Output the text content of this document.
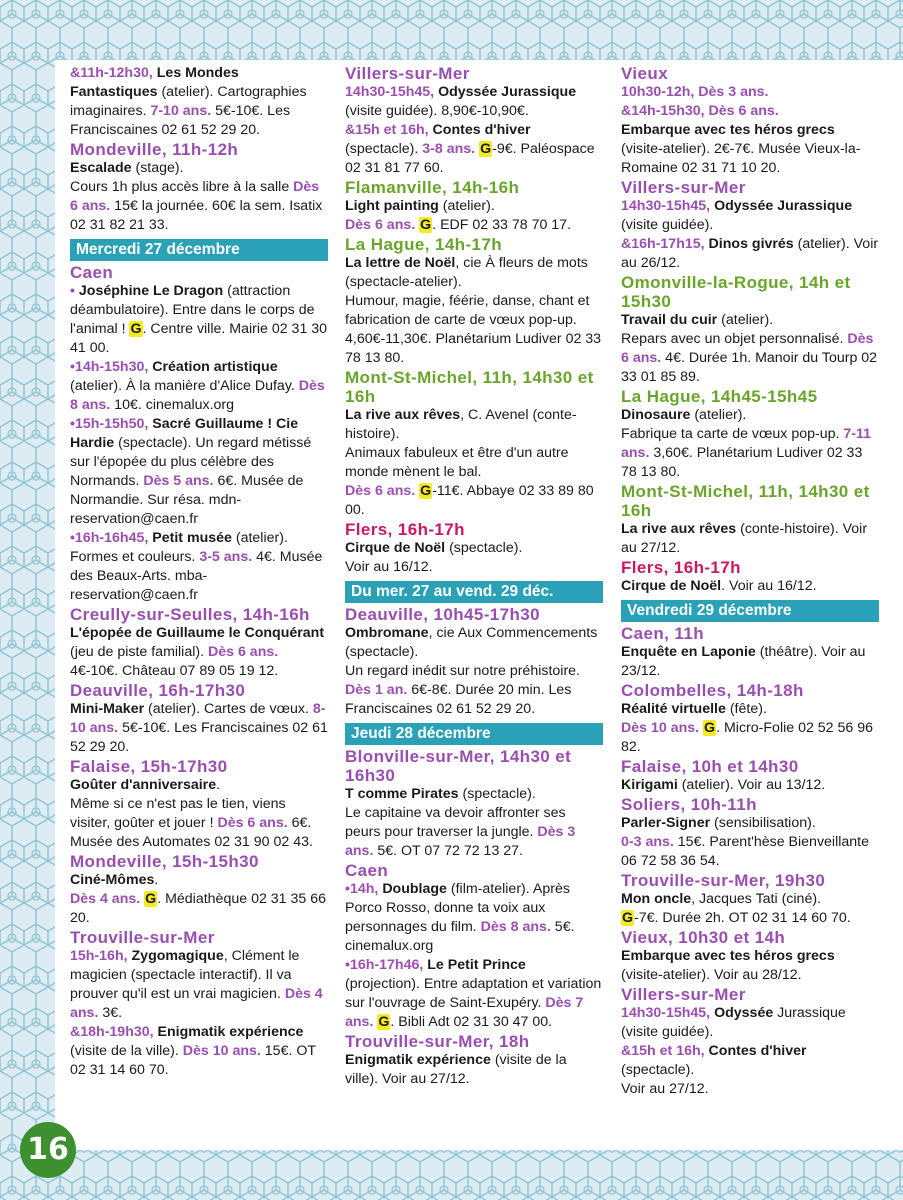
&11h-12h30, Les Mondes Fantastiques (atelier). Cartographies imaginaires. 7-10 ans. 5€-10€. Les Franciscaines 02 61 52 29 20.

Mondeville, 11h-12h

Escalade (stage).
Cours 1h plus accès libre à la salle Dès 6 ans. 15€ la journée. 60€ la sem. Isatix 02 31 82 21 33.

Mercredi 27 décembre

Caen

• Joséphine Le Dragon (attraction déambulatoire). Entre dans le corps de l'animal ! G. Centre ville. Mairie 02 31 30 41 00.

•14h-15h30, Création artistique (atelier). À la manière d'Alice Dufay. Dès 8 ans. 10€. cinemalux.org

•15h-15h50, Sacré Guillaume ! Cie Hardie (spectacle). Un regard métissé sur l'épopée du plus célèbre des Normands. Dès 5 ans. 6€. Musée de Normandie. Sur résa. mdn-reservation@caen.fr

•16h-16h45, Petit musée (atelier). Formes et couleurs. 3-5 ans. 4€. Musée des Beaux-Arts. mba-reservation@caen.fr

Creully-sur-Seulles, 14h-16h

L'épopée de Guillaume le Conquérant (jeu de piste familial). Dès 6 ans. 4€-10€. Château 07 89 05 19 12.

Deauville, 16h-17h30

Mini-Maker (atelier). Cartes de vœux. 8-10 ans. 5€-10€. Les Franciscaines 02 61 52 29 20.

Falaise, 15h-17h30

Goûter d'anniversaire.
Même si ce n'est pas le tien, viens visiter, goûter et jouer ! Dès 6 ans. 6€. Musée des Automates 02 31 90 02 43.

Mondeville, 15h-15h30

Ciné-Mômes.
Dès 4 ans. G. Médiathèque 02 31 35 66 20.

Trouville-sur-Mer

15h-16h, Zygomagique, Clément le magicien (spectacle interactif). Il va prouver qu'il est un vrai magicien. Dès 4 ans. 3€.

&18h-19h30, Enigmatik expérience (visite de la ville). Dès 10 ans. 15€. OT 02 31 14 60 70.

Villers-sur-Mer

14h30-15h45, Odyssée Jurassique (visite guidée). 8,90€-10,90€.

&15h et 16h, Contes d'hiver (spectacle). 3-8 ans. G-9€. Paléospace 02 31 81 77 60.

Flamanville, 14h-16h

Light painting (atelier).
Dès 6 ans. G. EDF 02 33 78 70 17.

La Hague, 14h-17h

La lettre de Noël, cie À fleurs de mots (spectacle-atelier).
Humour, magie, féérie, danse, chant et fabrication de carte de vœux pop-up. 4,60€-11,30€. Planétarium Ludiver 02 33 78 13 80.

Mont-St-Michel, 11h, 14h30 et 16h

La rive aux rêves, C. Avenel (conte-histoire).
Animaux fabuleux et être d'un autre monde mènent le bal.
Dès 6 ans. G-11€. Abbaye 02 33 89 80 00.

Flers, 16h-17h

Cirque de Noël (spectacle).
Voir au 16/12.

Du mer. 27 au vend. 29 déc.

Deauville, 10h45-17h30

Ombromane, cie Aux Commencements (spectacle).
Un regard inédit sur notre préhistoire. Dès 1 an. 6€-8€. Durée 20 min. Les Franciscaines 02 61 52 29 20.

Jeudi 28 décembre

Blonville-sur-Mer, 14h30 et 16h30

T comme Pirates (spectacle).
Le capitaine va devoir affronter ses peurs pour traverser la jungle. Dès 3 ans. 5€. OT 07 72 72 13 27.

Caen

•14h, Doublage (film-atelier). Après Porco Rosso, donne ta voix aux personnages du film. Dès 8 ans. 5€. cinemalux.org

•16h-17h46, Le Petit Prince (projection). Entre adaptation et variation sur l'ouvrage de Saint-Exupéry. Dès 7 ans. G. Bibli Adt 02 31 30 47 00.

Trouville-sur-Mer, 18h

Enigmatik expérience (visite de la ville). Voir au 27/12.

Vieux

10h30-12h, Dès 3 ans.
&14h-15h30, Dès 6 ans.
Embarque avec tes héros grecs (visite-atelier). 2€-7€. Musée Vieux-la-Romaine 02 31 71 10 20.

Villers-sur-Mer

14h30-15h45, Odyssée Jurassique (visite guidée).

&16h-17h15, Dinos givrés (atelier). Voir au 26/12.

Omonville-la-Rogue, 14h et 15h30

Travail du cuir (atelier).
Repars avec un objet personnalisé. Dès 6 ans. 4€. Durée 1h. Manoir du Tourp 02 33 01 85 89.

La Hague, 14h45-15h45

Dinosaure (atelier).
Fabrique ta carte de vœux pop-up. 7-11 ans. 3,60€. Planétarium Ludiver 02 33 78 13 80.

Mont-St-Michel, 11h, 14h30 et 16h

La rive aux rêves (conte-histoire). Voir au 27/12.

Flers, 16h-17h

Cirque de Noël. Voir au 16/12.

Vendredi 29 décembre

Caen, 11h

Enquête en Laponie (théâtre). Voir au 23/12.

Colombelles, 14h-18h

Réalité virtuelle (fête).
Dès 10 ans. G. Micro-Folie 02 52 56 96 82.

Falaise, 10h et 14h30

Kirigami (atelier). Voir au 13/12.

Soliers, 10h-11h

Parler-Signer (sensibilisation).
0-3 ans. 15€. Parent'hèse Bienveillante 06 72 58 36 54.

Trouville-sur-Mer, 19h30

Mon oncle, Jacques Tati (ciné).
G-7€. Durée 2h. OT 02 31 14 60 70.

Vieux, 10h30 et 14h

Embarque avec tes héros grecs (visite-atelier). Voir au 28/12.

Villers-sur-Mer

14h30-15h45, Odyssée Jurassique (visite guidée).

&15h et 16h, Contes d'hiver (spectacle).
Voir au 27/12.

16
